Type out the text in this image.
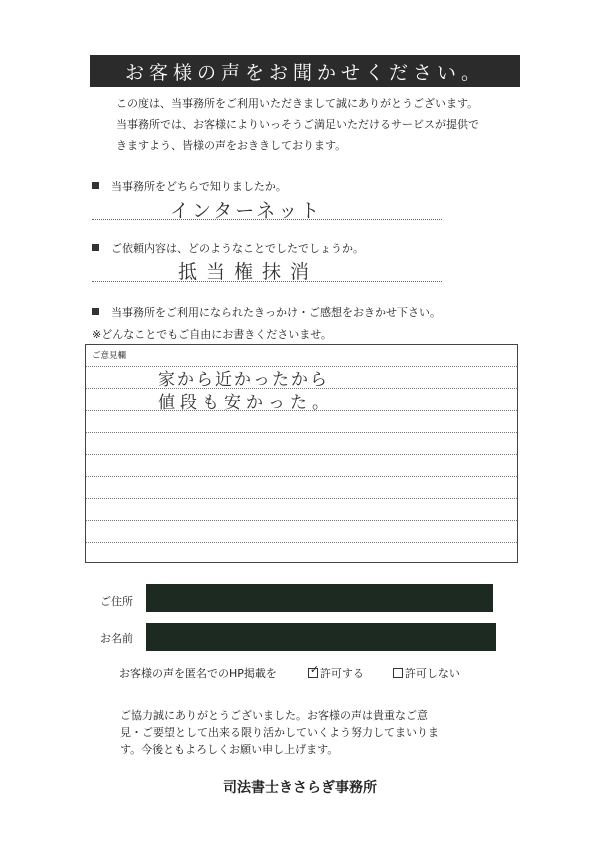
お客様の声をお聞かせください。
この度は、当事務所をご利用いただきまして誠にありがとうございます。
当事務所では、お客様によりいっそうご満足いただけるサービスが提供で
きますよう、皆様の声をおききしております。
当事務所をどちらで知りましたか。
インターネット
ご依頼内容は、どのようなことでしたでしょうか。
抵当権抹消
当事務所をご利用になられたきっかけ・ご感想をおきかせ下さい。
※どんなことでもご自由にお書きくださいませ。
ご意見欄
家から近かったから
値段も安かった。
ご住所
お名前
お客様の声を匿名でのHP掲載を	✓ 許可する	許可しない
ご協力誠にありがとうございました。お客様の声は貴重なご意
見・ご要望として出来る限り活かしていくよう努力してまいりま
す。今後ともよろしくお願い申し上げます。
司法書士きさらぎ事務所
